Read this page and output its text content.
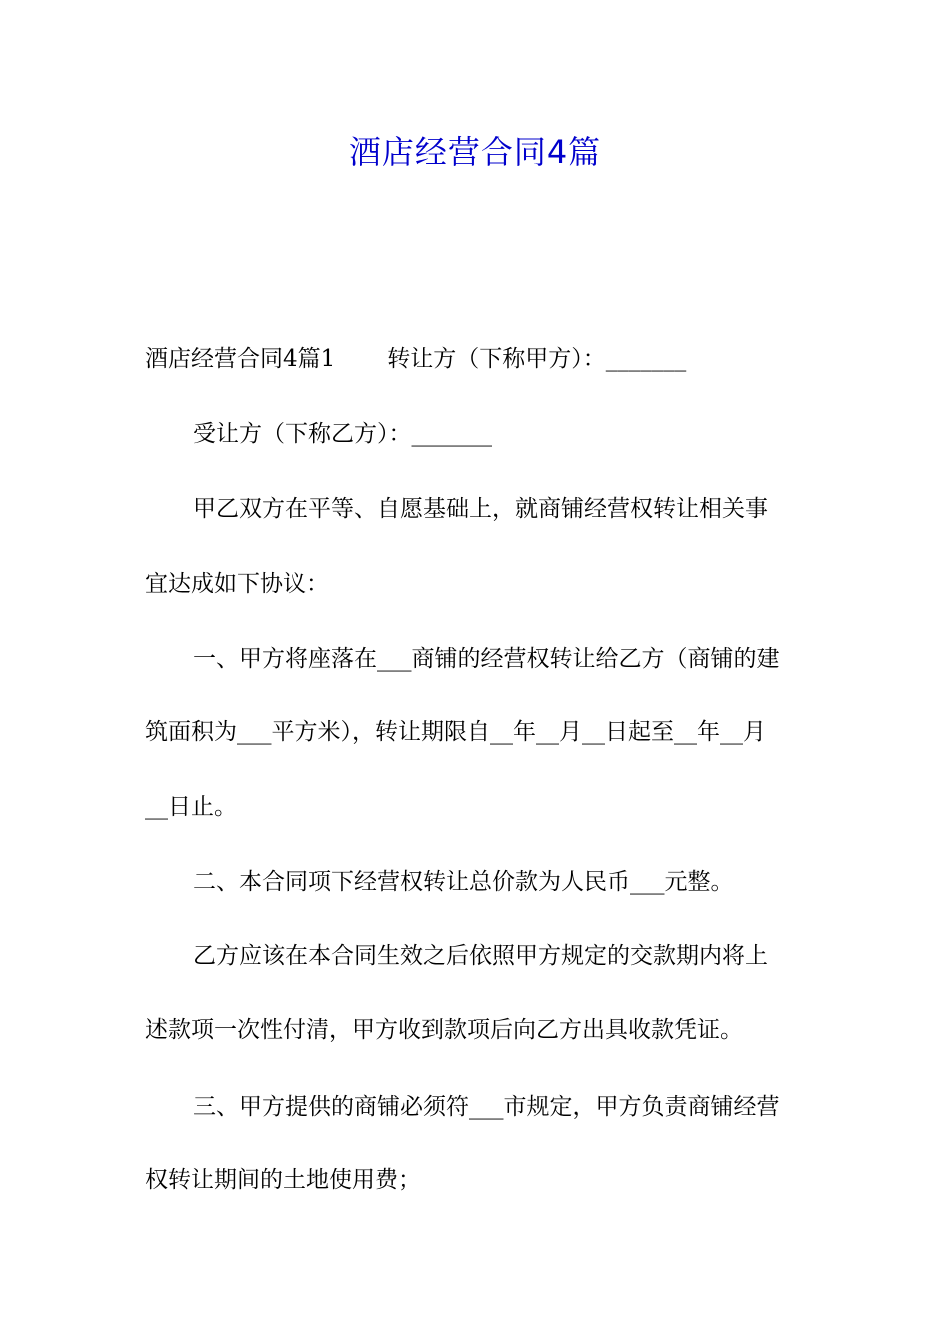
酒店经营合同4篇
酒店经营合同4篇1 转让方（下称甲方）：_______
受让方（下称乙方）：_______
甲乙双方在平等、自愿基础上，就商铺经营权转让相关事
宜达成如下协议：
一、甲方将座落在___商铺的经营权转让给乙方（商铺的建
筑面积为___平方米），转让期限自__年__月__日起至__年__月
__日止。
二、本合同项下经营权转让总价款为人民币___元整。
乙方应该在本合同生效之后依照甲方规定的交款期内将上
述款项一次性付清，甲方收到款项后向乙方出具收款凭证。
三、甲方提供的商铺必须符___市规定，甲方负责商铺经营
权转让期间的土地使用费；
